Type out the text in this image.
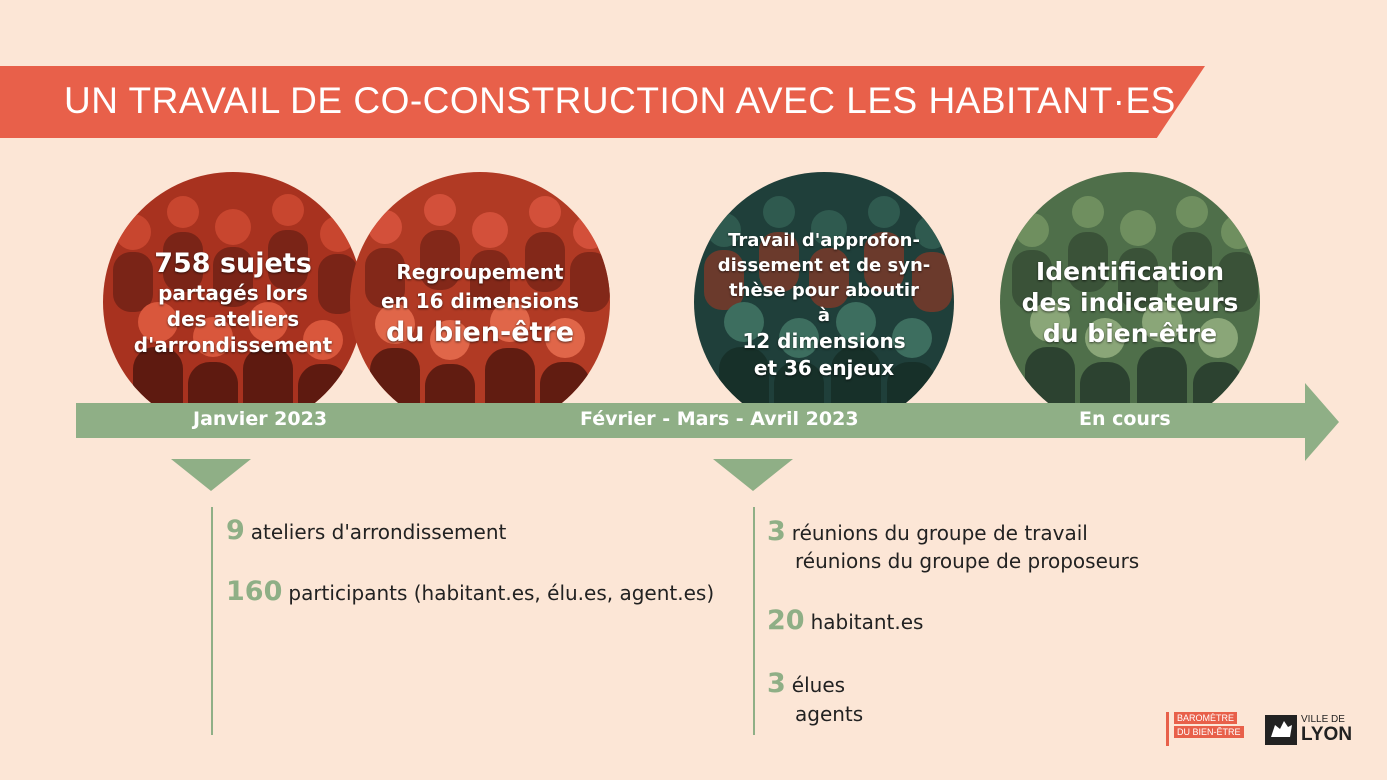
UN TRAVAIL DE CO-CONSTRUCTION AVEC LES HABITANT·ES
758 sujets
partagés lors
des ateliers
d'arrondissement
Regroupement
en 16 dimensions
du bien-être
Travail d'approfon-
dissement et de syn-
thèse pour aboutir
à
12 dimensions
et 36 enjeux
Identification
des indicateurs
du bien-être
Janvier 2023	Février - Mars - Avril 2023	En cours
9 ateliers d'arrondissement
160 participants (habitant.es, élu.es, agent.es)
3 réunions du groupe de travail
réunions du groupe de proposeurs
20 habitant.es
3 élues
agents	BAROMÈTRE
DU BIEN-ÊTRE
VILLE DE
LYON
